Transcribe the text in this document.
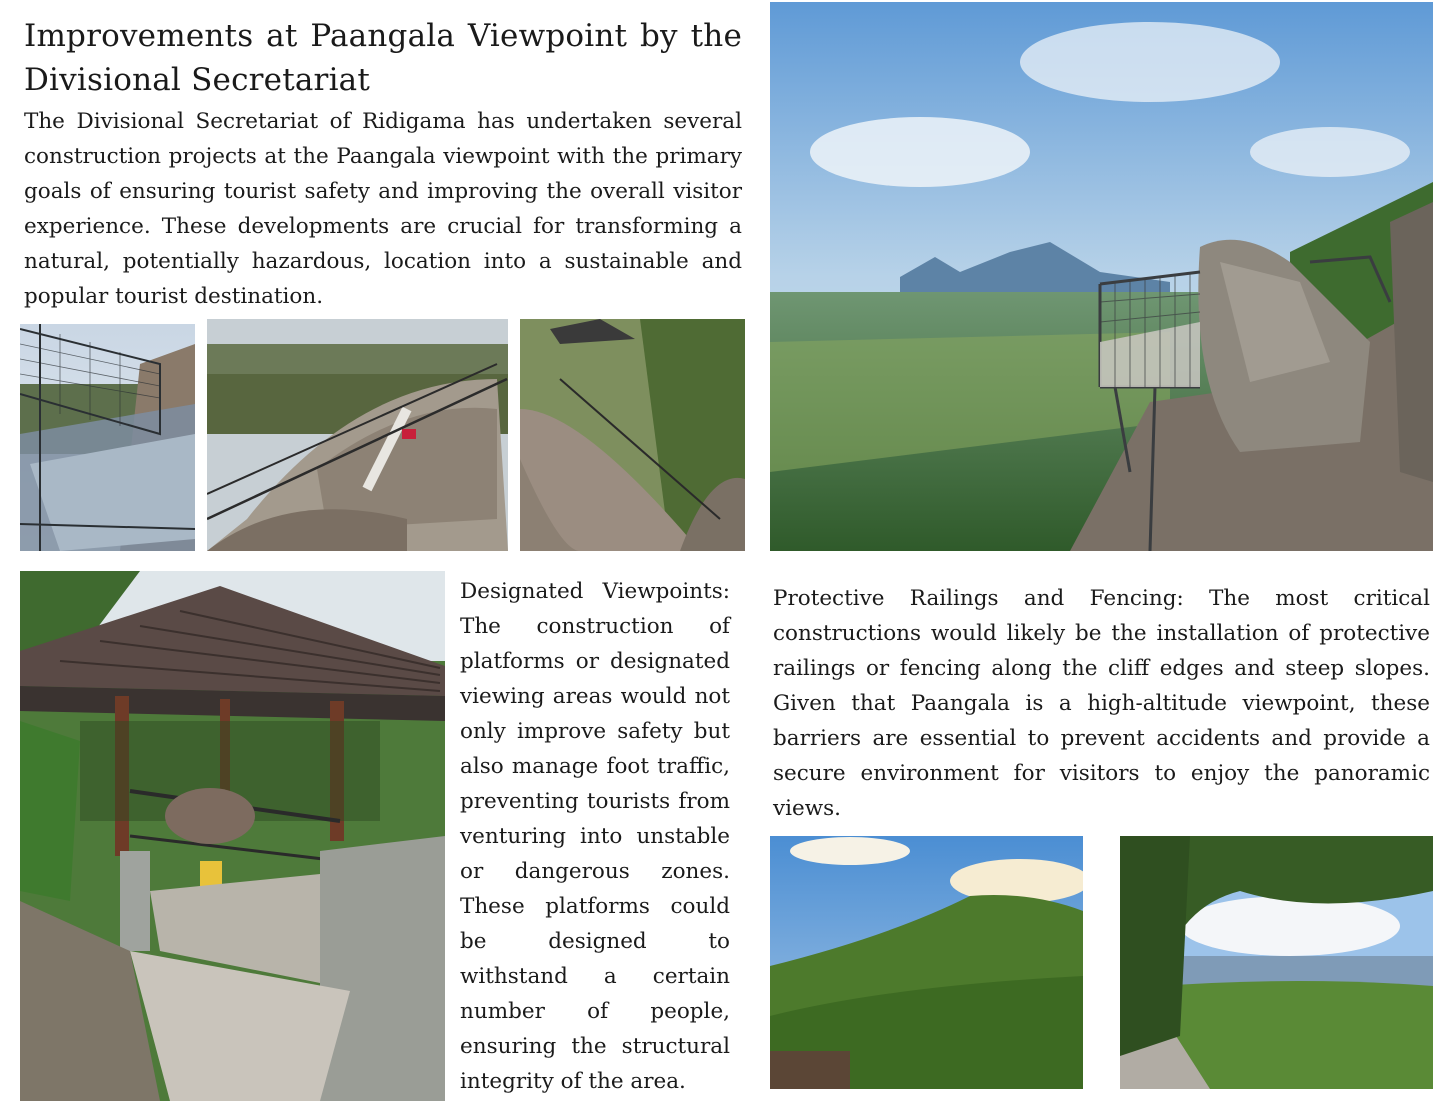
Improvements at Paangala Viewpoint by the Divisional Secretariat

The Divisional Secretariat of Ridigama has undertaken several construction projects at the Paangala viewpoint with the primary goals of ensuring tourist safety and improving the overall visitor experience. These developments are crucial for transforming a natural, potentially hazardous, location into a sustainable and popular tourist destination.

Designated Viewpoints: The construction of platforms or designated viewing areas would not only improve safety but also manage foot traffic, preventing tourists from venturing into unstable or dangerous zones. These platforms could be designed to withstand a certain number of people, ensuring the structural integrity of the area.

Protective Railings and Fencing: The most critical constructions would likely be the installation of protective railings or fencing along the cliff edges and steep slopes. Given that Paangala is a high-altitude viewpoint, these barriers are essential to prevent accidents and provide a secure environment for visitors to enjoy the panoramic views.
